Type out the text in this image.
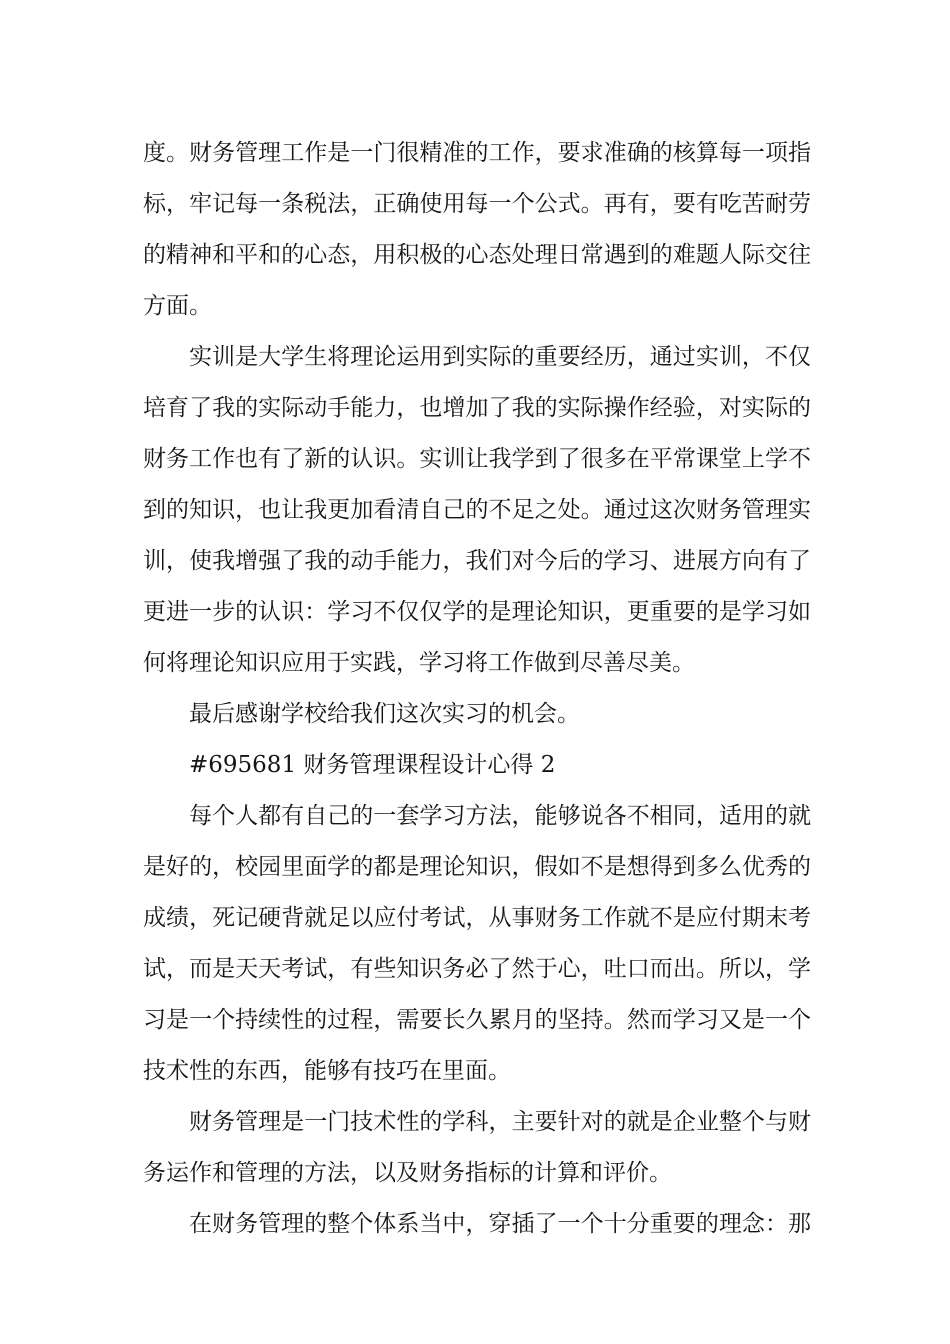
度。财务管理工作是一门很精准的工作，要求准确的核算每一项指
标，牢记每一条税法，正确使用每一个公式。再有，要有吃苦耐劳
的精神和平和的心态，用积极的心态处理日常遇到的难题人际交往
方面。
实训是大学生将理论运用到实际的重要经历，通过实训，不仅
培育了我的实际动手能力，也增加了我的实际操作经验，对实际的
财务工作也有了新的认识。实训让我学到了很多在平常课堂上学不
到的知识，也让我更加看清自己的不足之处。通过这次财务管理实
训，使我增强了我的动手能力，我们对今后的学习、进展方向有了
更进一步的认识：学习不仅仅学的是理论知识，更重要的是学习如
何将理论知识应用于实践，学习将工作做到尽善尽美。
最后感谢学校给我们这次实习的机会。
#695681 财务管理课程设计心得 2
每个人都有自己的一套学习方法，能够说各不相同，适用的就
是好的，校园里面学的都是理论知识，假如不是想得到多么优秀的
成绩，死记硬背就足以应付考试，从事财务工作就不是应付期末考
试，而是天天考试，有些知识务必了然于心，吐口而出。所以，学
习是一个持续性的过程，需要长久累月的坚持。然而学习又是一个
技术性的东西，能够有技巧在里面。
财务管理是一门技术性的学科，主要针对的就是企业整个与财
务运作和管理的方法，以及财务指标的计算和评价。
在财务管理的整个体系当中，穿插了一个十分重要的理念：那
